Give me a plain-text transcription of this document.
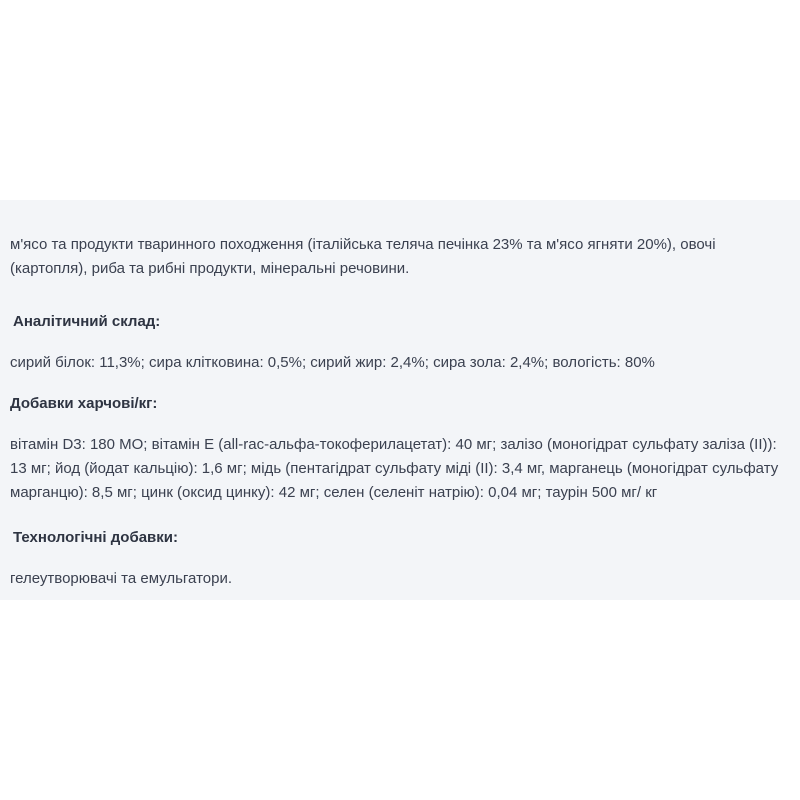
м'ясо та продукти тваринного походження (італійська теляча печінка 23% та м'ясо ягняти 20%), овочі (картопля), риба та рибні продукти, мінеральні речовини.

Аналітичний склад:

сирий білок: 11,3%; сира клітковина: 0,5%; сирий жир: 2,4%; сира зола: 2,4%; вологість: 80%

Добавки харчові/кг:

вітамін D3: 180 МО; вітамін Е (all-rac-альфа-токоферилацетат): 40 мг; залізо (моногідрат сульфату заліза (II)): 13 мг; йод (йодат кальцію): 1,6 мг; мідь (пентагідрат сульфату міді (II): 3,4 мг, марганець (моногідрат сульфату марганцю): 8,5 мг; цинк (оксид цинку): 42 мг; селен (селеніт натрію): 0,04 мг; таурін 500 мг/ кг

Технологічні добавки:

гелеутворювачі та емульгатори.
